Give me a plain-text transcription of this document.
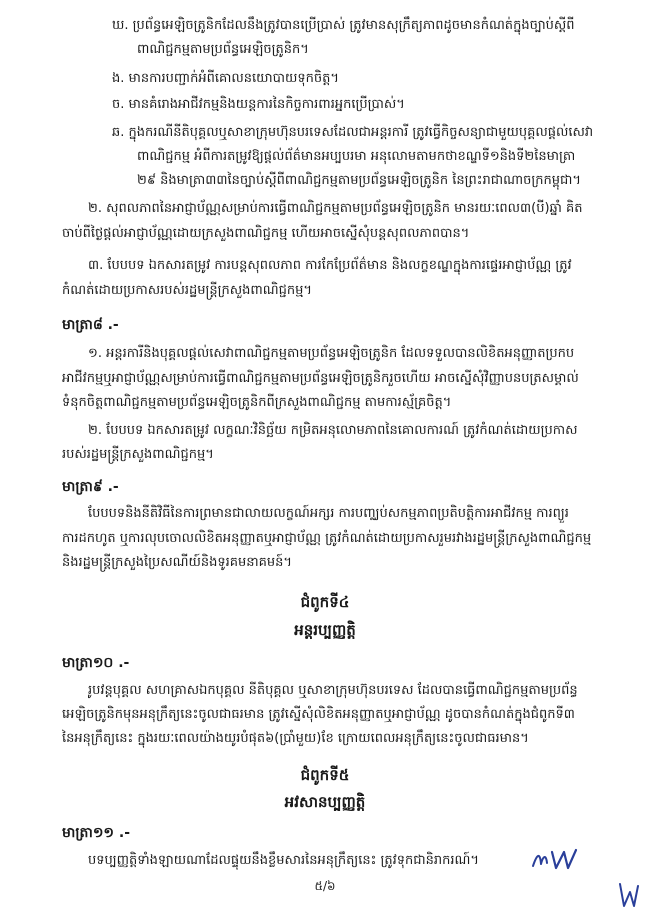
ឃ. ប្រព័ន្ធអេឡិចត្រូនិកដែលនឹងត្រូវបានប្រើប្រាស់ ត្រូវមានសុក្រឹត្យភាពដូចមានកំណត់ក្នុងច្បាប់ស្ដីពី
ពាណិជ្ជកម្មតាមប្រព័ន្ធអេឡិចត្រូនិក។
ង. មានការបញ្ជាក់អំពីគោលនយោបាយទុកចិត្ត។
ច. មានគំរោងអាជីវកម្មនិងយន្តការនៃកិច្ចការពារអ្នកប្រើប្រាស់។
ឆ. ក្នុងករណីនីតិបុគ្គលឬសាខាក្រុមហ៊ុនបរទេសដែលជាអន្តរការី ត្រូវធ្វើកិច្ចសន្យាជាមួយបុគ្គលផ្ដល់សេវា
ពាណិជ្ជកម្ម អំពីការតម្រូវឱ្យផ្ដល់ព័ត៌មានអប្បបរមា អនុលោមតាមកថាខណ្ឌទី១និងទី២នៃមាត្រា
២៩ និងមាត្រា៣៣នៃច្បាប់ស្ដីពីពាណិជ្ជកម្មតាមប្រព័ន្ធអេឡិចត្រូនិក នៃព្រះរាជាណាចក្រកម្ពុជា។
២. សុពលភាពនៃអាជ្ញាប័ណ្ណសម្រាប់ការធ្វើពាណិជ្ជកម្មតាមប្រព័ន្ធអេឡិចត្រូនិក មានរយៈពេល៣(បី)ឆ្នាំ គិត
ចាប់ពីថ្ងៃផ្ដល់អាជ្ញាប័ណ្ណដោយក្រសួងពាណិជ្ជកម្ម ហើយអាចស្នើសុំបន្តសុពលភាពបាន។
៣. បែបបទ ឯកសារតម្រូវ ការបន្តសុពលភាព ការកែប្រែព័ត៌មាន និងលក្ខខណ្ឌក្នុងការផ្ទេរអាជ្ញាប័ណ្ណ ត្រូវ
កំណត់ដោយប្រកាសរបស់រដ្ឋមន្ត្រីក្រសួងពាណិជ្ជកម្ម។
មាត្រា៨ .-
១. អន្តរការីនិងបុគ្គលផ្ដល់សេវាពាណិជ្ជកម្មតាមប្រព័ន្ធអេឡិចត្រូនិក ដែលទទួលបានលិខិតអនុញ្ញាតប្រកប
អាជីវកម្មឬអាជ្ញាប័ណ្ណសម្រាប់ការធ្វើពាណិជ្ជកម្មតាមប្រព័ន្ធអេឡិចត្រូនិករួចហើយ អាចស្នើសុំវិញ្ញាបនបត្រសម្គាល់
ទំនុកចិត្តពាណិជ្ជកម្មតាមប្រព័ន្ធអេឡិចត្រូនិកពីក្រសួងពាណិជ្ជកម្ម តាមការស្ម័គ្រចិត្ត។
២. បែបបទ ឯកសារតម្រូវ លក្ខណៈវិនិច្ឆ័យ កម្រិតអនុលោមភាពនៃគោលការណ៍ ត្រូវកំណត់ដោយប្រកាស
របស់រដ្ឋមន្ត្រីក្រសួងពាណិជ្ជកម្ម។
មាត្រា៩ .-
បែបបទនិងនីតិវិធីនៃការព្រមានជាលាយលក្ខណ៍អក្សរ ការបញ្ឈប់សកម្មភាពប្រតិបត្តិការអាជីវកម្ម ការព្យួរ
ការដកហូត ឬការលុបចោលលិខិតអនុញ្ញាតឬអាជ្ញាប័ណ្ណ ត្រូវកំណត់ដោយប្រកាសរួមរវាងរដ្ឋមន្ត្រីក្រសួងពាណិជ្ជកម្ម
និងរដ្ឋមន្ត្រីក្រសួងប្រៃសណីយ៍និងទូរគមនាគមន៍។
ជំពូកទី៤
អន្តរប្បញ្ញត្តិ
មាត្រា១០ .-
រូបវន្តបុគ្គល សហគ្រាសឯកបុគ្គល នីតិបុគ្គល ឬសាខាក្រុមហ៊ុនបរទេស ដែលបានធ្វើពាណិជ្ជកម្មតាមប្រព័ន្ធ
អេឡិចត្រូនិកមុនអនុក្រឹត្យនេះចូលជាធរមាន ត្រូវស្នើសុំលិខិតអនុញ្ញាតឬអាជ្ញាប័ណ្ណ ដូចបានកំណត់ក្នុងជំពូកទី៣
នៃអនុក្រឹត្យនេះ ក្នុងរយៈពេលយ៉ាងយូរបំផុត៦(ប្រាំមួយ)ខែ ក្រោយពេលអនុក្រឹត្យនេះចូលជាធរមាន។
ជំពូកទី៥
អវសានប្បញ្ញត្តិ
មាត្រា១១ .-
បទប្បញ្ញត្តិទាំងឡាយណាដែលផ្ទុយនឹងខ្លឹមសារនៃអនុក្រឹត្យនេះ ត្រូវទុកជានិរាករណ៍។
៥/៦
